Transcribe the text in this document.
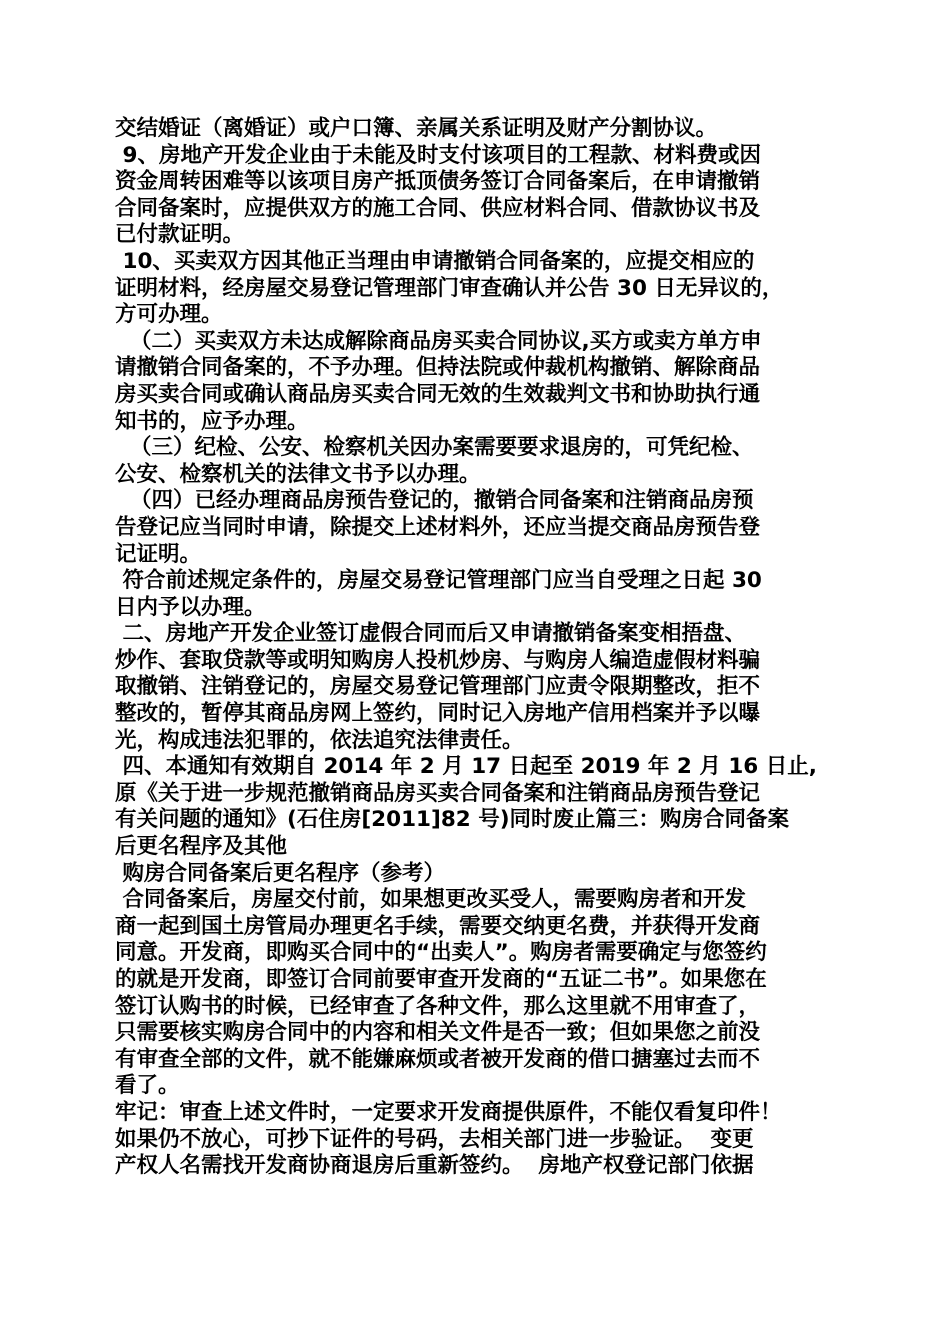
交结婚证（离婚证）或户口簿、亲属关系证明及财产分割协议。
9、房地产开发企业由于未能及时支付该项目的工程款、材料费或因
资金周转困难等以该项目房产抵顶债务签订合同备案后，在申请撤销
合同备案时，应提供双方的施工合同、供应材料合同、借款协议书及
已付款证明。
10、买卖双方因其他正当理由申请撤销合同备案的，应提交相应的
证明材料，经房屋交易登记管理部门审查确认并公告 30 日无异议的，
方可办理。
（二）买卖双方未达成解除商品房买卖合同协议,买方或卖方单方申
请撤销合同备案的，不予办理。但持法院或仲裁机构撤销、解除商品
房买卖合同或确认商品房买卖合同无效的生效裁判文书和协助执行通
知书的，应予办理。
（三）纪检、公安、检察机关因办案需要要求退房的，可凭纪检、
公安、检察机关的法律文书予以办理。
（四）已经办理商品房预告登记的，撤销合同备案和注销商品房预
告登记应当同时申请，除提交上述材料外，还应当提交商品房预告登
记证明。
符合前述规定条件的，房屋交易登记管理部门应当自受理之日起 30
日内予以办理。
二、房地产开发企业签订虚假合同而后又申请撤销备案变相捂盘、
炒作、套取贷款等或明知购房人投机炒房、与购房人编造虚假材料骗
取撤销、注销登记的，房屋交易登记管理部门应责令限期整改，拒不
整改的，暂停其商品房网上签约，同时记入房地产信用档案并予以曝
光，构成违法犯罪的，依法追究法律责任。
四、本通知有效期自 2014 年 2 月 17 日起至 2019 年 2 月 16 日止,
原《关于进一步规范撤销商品房买卖合同备案和注销商品房预告登记
有关问题的通知》(石住房[2011]82 号)同时废止篇三：购房合同备案
后更名程序及其他
购房合同备案后更名程序（参考）
合同备案后，房屋交付前，如果想更改买受人，需要购房者和开发
商一起到国土房管局办理更名手续，需要交纳更名费，并获得开发商
同意。开发商，即购买合同中的“出卖人”。购房者需要确定与您签约
的就是开发商，即签订合同前要审查开发商的“五证二书”。如果您在
签订认购书的时候，已经审查了各种文件，那么这里就不用审查了，
只需要核实购房合同中的内容和相关文件是否一致；但如果您之前没
有审查全部的文件，就不能嫌麻烦或者被开发商的借口搪塞过去而不
看了。
牢记：审查上述文件时，一定要求开发商提供原件，不能仅看复印件！
如果仍不放心，可抄下证件的号码，去相关部门进一步验证。  变更
产权人名需找开发商协商退房后重新签约。  房地产权登记部门依据
